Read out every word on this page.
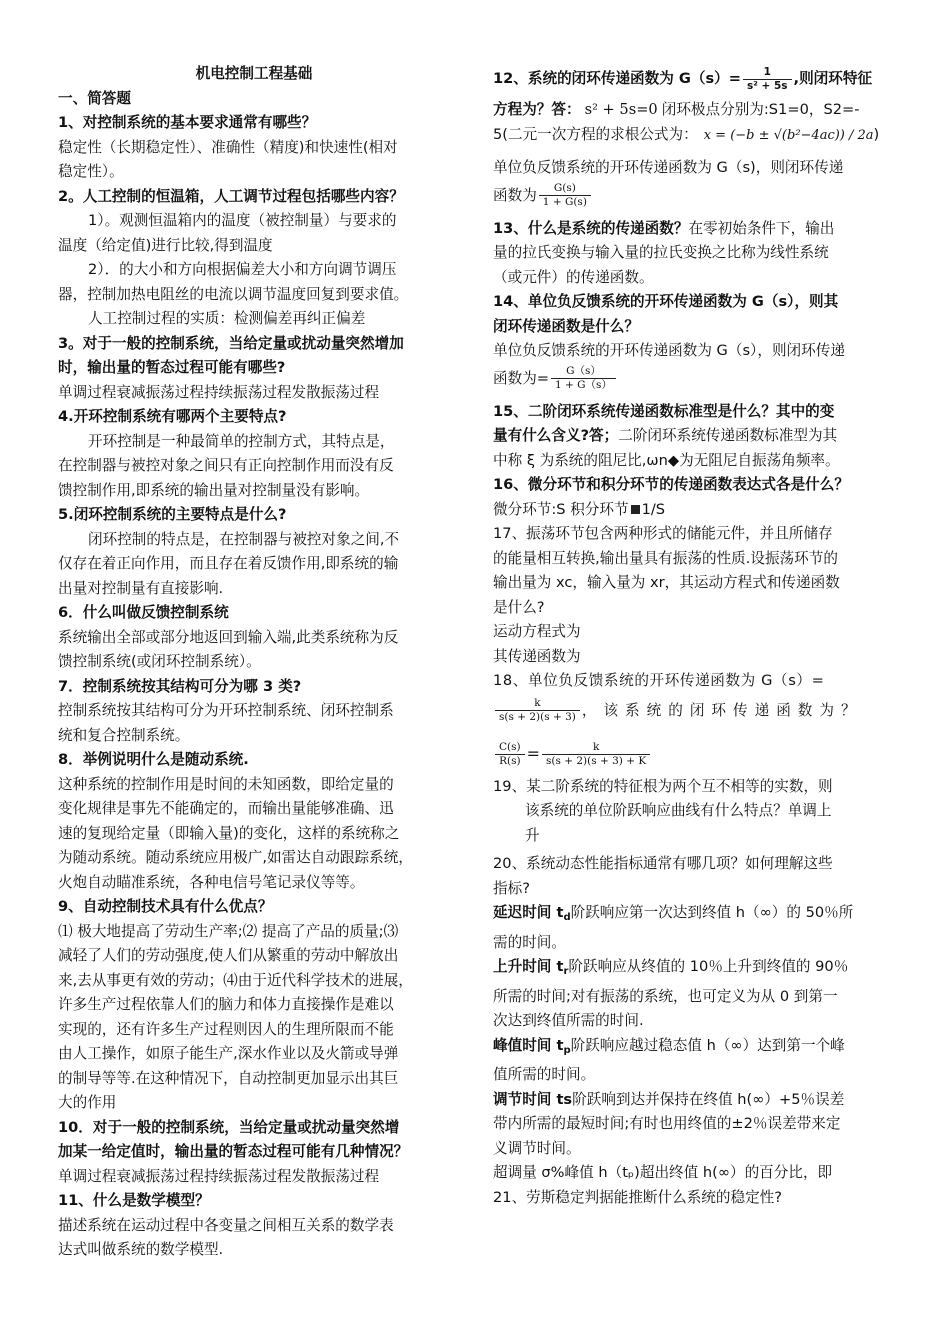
机电控制工程基础
一、简答题
1、对控制系统的基本要求通常有哪些？
稳定性（长期稳定性）、准确性（精度)和快速性(相对
稳定性）。
2。人工控制的恒温箱，人工调节过程包括哪些内容？
1）。观测恒温箱内的温度（被控制量）与要求的
温度（给定值)进行比较,得到温度
2）．的大小和方向根据偏差大小和方向调节调压
器，控制加热电阻丝的电流以调节温度回复到要求值。
人工控制过程的实质：检测偏差再纠正偏差
3。对于一般的控制系统，当给定量或扰动量突然增加
时，输出量的暂态过程可能有哪些?
单调过程衰减振荡过程持续振荡过程发散振荡过程
4.开环控制系统有哪两个主要特点?
开环控制是一种最简单的控制方式，其特点是，
在控制器与被控对象之间只有正向控制作用而没有反
馈控制作用,即系统的输出量对控制量没有影响。
5.闭环控制系统的主要特点是什么?
闭环控制的特点是，在控制器与被控对象之间,不
仅存在着正向作用，而且存在着反馈作用,即系统的输
出量对控制量有直接影响.
6．什么叫做反馈控制系统
系统输出全部或部分地返回到输入端,此类系统称为反
馈控制系统(或闭环控制系统）。
7．控制系统按其结构可分为哪 3 类?
控制系统按其结构可分为开环控制系统、闭环控制系
统和复合控制系统。
8．举例说明什么是随动系统.
这种系统的控制作用是时间的未知函数，即给定量的
变化规律是事先不能确定的，而输出量能够准确、迅
速的复现给定量（即输入量)的变化，这样的系统称之
为随动系统。随动系统应用极广,如雷达自动跟踪系统，
火炮自动瞄准系统，各种电信号笔记录仪等等。
9、自动控制技术具有什么优点？
⑴ 极大地提高了劳动生产率;⑵ 提高了产品的质量;⑶
减轻了人们的劳动强度,使人们从繁重的劳动中解放出
来,去从事更有效的劳动；⑷由于近代科学技术的进展，
许多生产过程依靠人们的脑力和体力直接操作是难以
实现的，还有许多生产过程则因人的生理所限而不能
由人工操作，如原子能生产,深水作业以及火箭或导弹
的制导等等.在这种情况下，自动控制更加显示出其巨
大的作用
10．对于一般的控制系统，当给定量或扰动量突然增
加某一给定值时，输出量的暂态过程可能有几种情况？
单调过程衰减振荡过程持续振荡过程发散振荡过程
11、什么是数学模型？
描述系统在运动过程中各变量之间相互关系的数学表
达式叫做系统的数学模型.
12、系统的闭环传递函数为 $G(s)= \frac{1}{\text{s² + 5s}}$ ,则闭环特征
方程为？答： s² + 5s=0 闭环极点分别为:S1=0，S2=-
5(二元一次方程的求根公式为： x = (−b ± √(b²−4ac)) / 2a)
单位负反馈系统的开环传递函数为 G（s)，则闭环传递
函数为 $\frac{G(s)}{1 + G(s)}$
13、什么是系统的传递函数？在零初始条件下，输出
量的拉氏变换与输入量的拉氏变换之比称为线性系统
（或元件）的传递函数。
14、单位负反馈系统的开环传递函数为 G（s），则其
闭环传递函数是什么？
单位负反馈系统的开环传递函数为 G（s），则闭环传递
函数为= $\frac{G(s)}{1 + G(s)}$
15、二阶闭环系统传递函数标准型是什么？其中的变
量有什么含义?答；二阶闭环系统传递函数标准型为其
中称 ξ 为系统的阻尼比,ωn◆为无阻尼自振荡角频率。
16、微分环节和积分环节的传递函数表达式各是什么？
微分环节:S 积分环节 1/S
17、振荡环节包含两种形式的储能元件，并且所储存
的能量相互转换,输出量具有振荡的性质.设振荡环节的
输出量为 xc，输入量为 xr，其运动方程式和传递函数
是什么?
运动方程式为
其传递函数为
18、单位负反馈系统的开环传递函数为 G（s）=
$\frac{k}{s(s + 2)(s + 3)}$ ，该系统的闭环传递函数为？
$\frac{C(s)}{R(s)} = \frac{k}{s(s + 2)(s + 3) + K}$
19、某二阶系统的特征根为两个互不相等的实数，则
该系统的单位阶跃响应曲线有什么特点？单调上
升
20、系统动态性能指标通常有哪几项？如何理解这些
指标?
延迟时间 $t_d$阶跃响应第一次达到终值 h（∞）的 50％所
需的时间。
上升时间 $t_r$阶跃响应从终值的 10％上升到终值的 90％
所需的时间;对有振荡的系统，也可定义为从 0 到第一
次达到终值所需的时间.
峰值时间 $t_p$阶跃响应越过稳态值 h（∞）达到第一个峰
值所需的时间。
调节时间 ts阶跃响到达并保持在终值 h(∞）+5％误差
带内所需的最短时间;有时也用终值的±2％误差带来定
义调节时间。
超调量 σ%峰值 h（tₚ)超出终值 h(∞）的百分比，即
21、劳斯稳定判据能推断什么系统的稳定性?
